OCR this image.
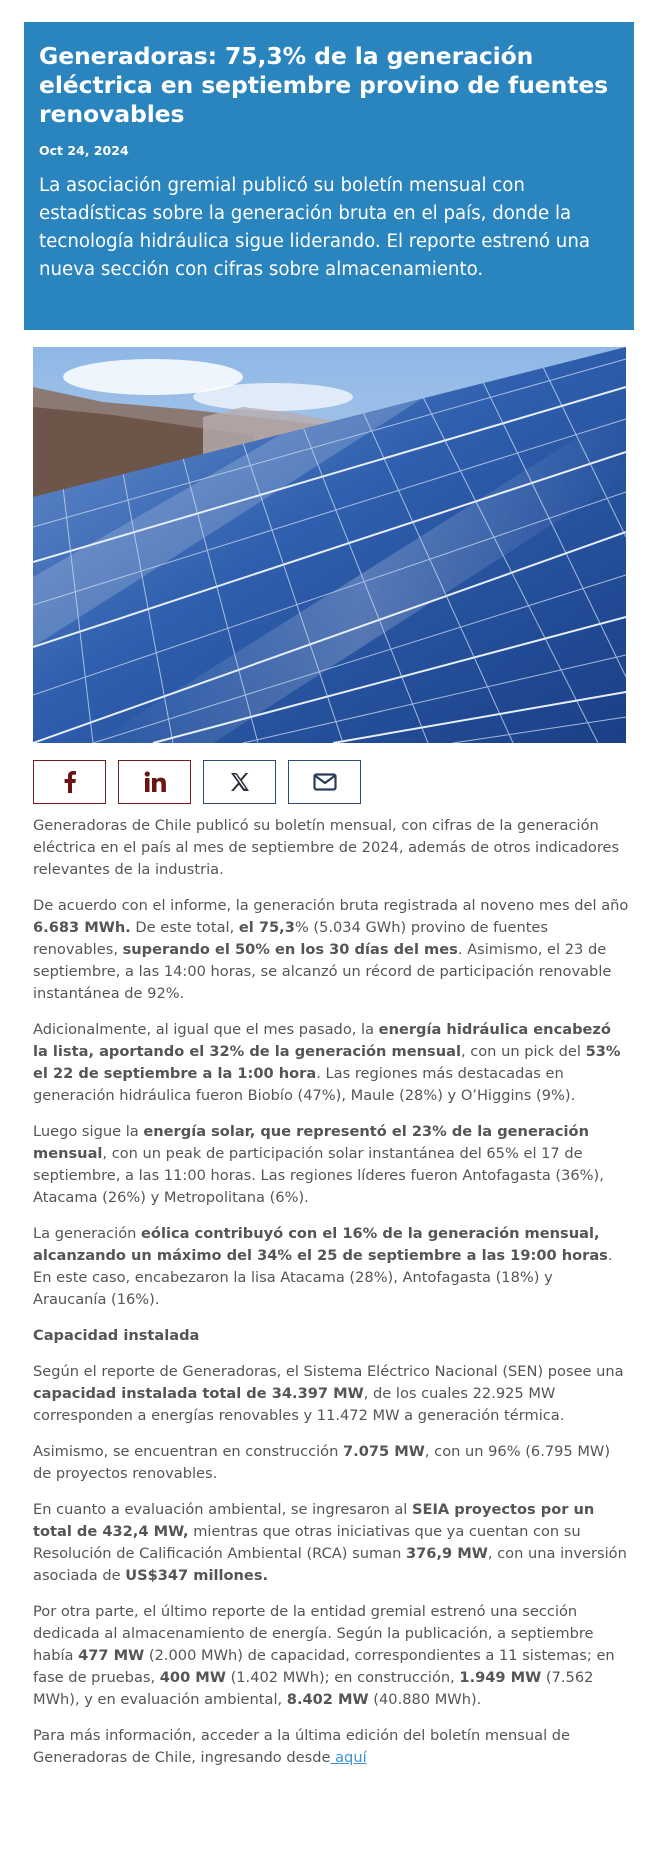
Generadoras: 75,3% de la generación eléctrica en septiembre provino de fuentes renovables
Oct 24, 2024

La asociación gremial publicó su boletín mensual con estadísticas sobre la generación bruta en el país, donde la tecnología hidráulica sigue liderando. El reporte estrenó una nueva sección con cifras sobre almacenamiento.

Generadoras de Chile publicó su boletín mensual, con cifras de la generación eléctrica en el país al mes de septiembre de 2024, además de otros indicadores relevantes de la industria.

De acuerdo con el informe, la generación bruta registrada al noveno mes del año 6.683 MWh. De este total, el 75,3% (5.034 GWh) provino de fuentes renovables, superando el 50% en los 30 días del mes. Asimismo, el 23 de septiembre, a las 14:00 horas, se alcanzó un récord de participación renovable instantánea de 92%.

Adicionalmente, al igual que el mes pasado, la energía hidráulica encabezó la lista, aportando el 32% de la generación mensual, con un pick del 53% el 22 de septiembre a la 1:00 hora. Las regiones más destacadas en generación hidráulica fueron Biobío (47%), Maule (28%) y O’Higgins (9%).

Luego sigue la energía solar, que representó el 23% de la generación mensual, con un peak de participación solar instantánea del 65% el 17 de septiembre, a las 11:00 horas. Las regiones líderes fueron Antofagasta (36%), Atacama (26%) y Metropolitana (6%).

La generación eólica contribuyó con el 16% de la generación mensual, alcanzando un máximo del 34% el 25 de septiembre a las 19:00 horas. En este caso, encabezaron la lisa Atacama (28%), Antofagasta (18%) y Araucanía (16%).

Capacidad instalada

Según el reporte de Generadoras, el Sistema Eléctrico Nacional (SEN) posee una capacidad instalada total de 34.397 MW, de los cuales 22.925 MW corresponden a energías renovables y 11.472 MW a generación térmica.

Asimismo, se encuentran en construcción 7.075 MW, con un 96% (6.795 MW) de proyectos renovables.

En cuanto a evaluación ambiental, se ingresaron al SEIA proyectos por un total de 432,4 MW, mientras que otras iniciativas que ya cuentan con su Resolución de Calificación Ambiental (RCA) suman 376,9 MW, con una inversión asociada de US$347 millones.

Por otra parte, el último reporte de la entidad gremial estrenó una sección dedicada al almacenamiento de energía. Según la publicación, a septiembre había 477 MW (2.000 MWh) de capacidad, correspondientes a 11 sistemas; en fase de pruebas, 400 MW (1.402 MWh); en construcción, 1.949 MW (7.562 MWh), y en evaluación ambiental, 8.402 MW (40.880 MWh).

Para más información, acceder a la última edición del boletín mensual de Generadoras de Chile, ingresando desde aquí
